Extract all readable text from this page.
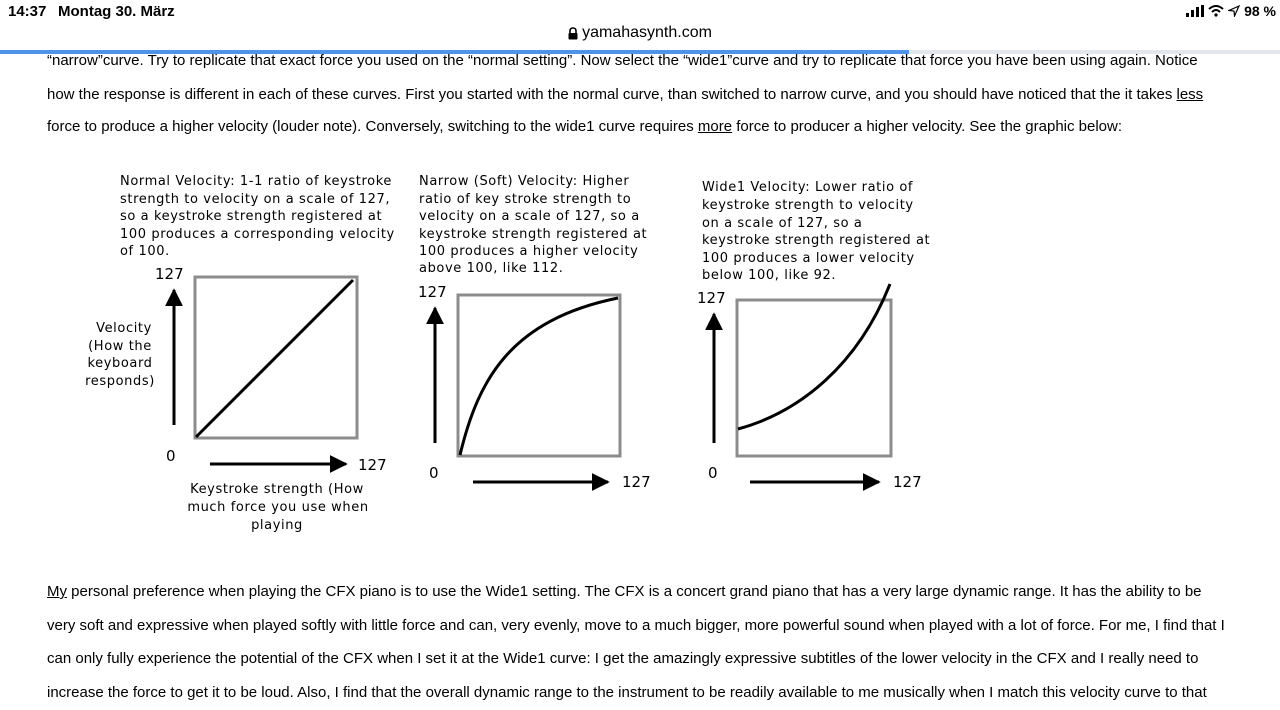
14:37 Montag 30. März	98 %
yamahasynth.com
“narrow”curve. Try to replicate that exact force you used on the “normal setting”. Now select the “wide1”curve and try to replicate that force you have been using again. Notice
how the response is different in each of these curves. First you started with the normal curve, than switched to narrow curve, and you should have noticed that the it takes less
force to produce a higher velocity (louder note). Conversely, switching to the wide1 curve requires more force to producer a higher velocity. See the graphic below:
Normal Velocity: 1-1 ratio of keystroke
strength to velocity on a scale of 127,
so a keystroke strength registered at
100 produces a corresponding velocity
of 100.
127
Velocity
(How the
keyboard
responds)
0	127
Keystroke strength (How
much force you use when
playing
Narrow (Soft) Velocity: Higher
ratio of key stroke strength to
velocity on a scale of 127, so a
keystroke strength registered at
100 produces a higher velocity
above 100, like 112.
127
0	127
Wide1 Velocity: Lower ratio of
keystroke strength to velocity
on a scale of 127, so a
keystroke strength registered at
100 produces a lower velocity
below 100, like 92.
127
0	127
My personal preference when playing the CFX piano is to use the Wide1 setting. The CFX is a concert grand piano that has a very large dynamic range. It has the ability to be
very soft and expressive when played softly with little force and can, very evenly, move to a much bigger, more powerful sound when played with a lot of force. For me, I find that I
can only fully experience the potential of the CFX when I set it at the Wide1 curve: I get the amazingly expressive subtitles of the lower velocity in the CFX and I really need to
increase the force to get it to be loud. Also, I find that the overall dynamic range to the instrument to be readily available to me musically when I match this velocity curve to that
